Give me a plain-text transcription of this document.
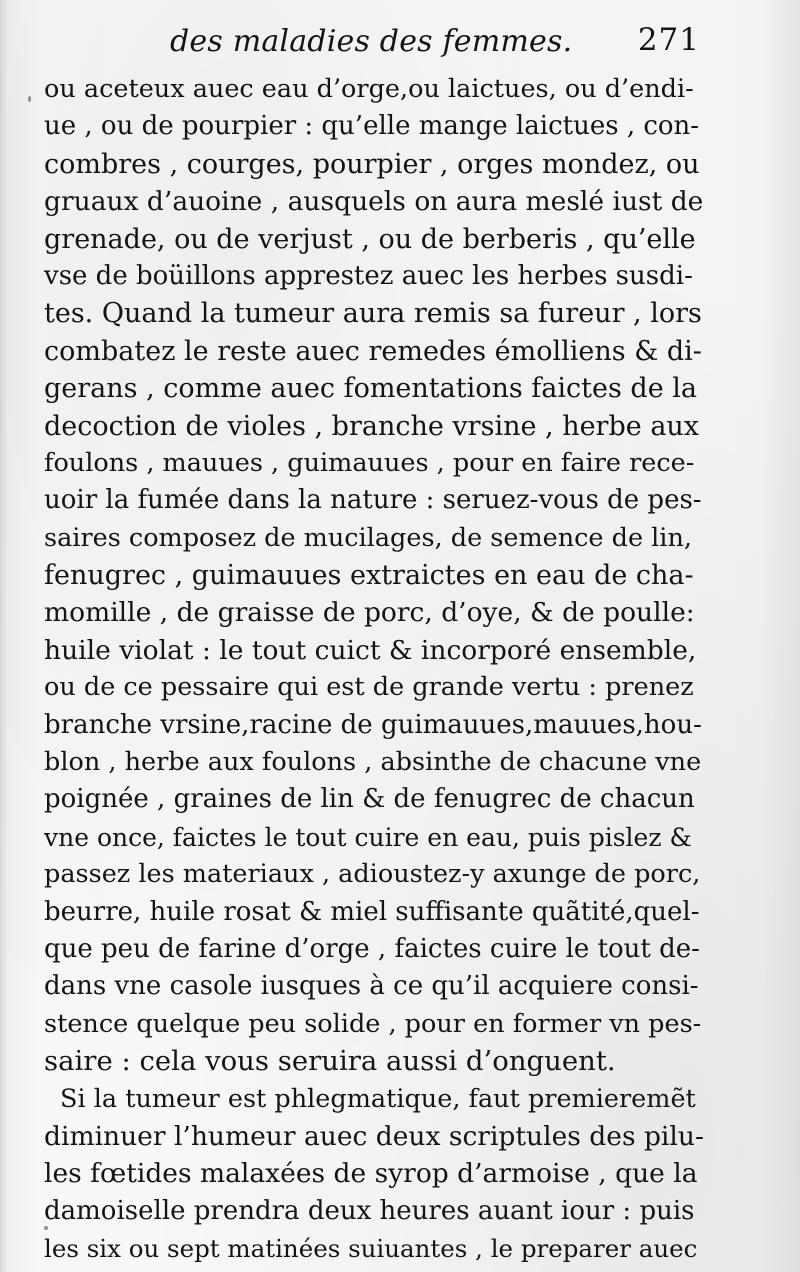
des maladies des femmes. 271
ou aceteux auec eau d’orge,ou laictues, ou d’endi-
ue , ou de pourpier : qu’elle mange laictues , con-
combres , courges, pourpier , orges mondez, ou
gruaux d’auoine , ausquels on aura meslé iust de
grenade, ou de verjust , ou de berberis , qu’elle
vse de boüillons apprestez auec les herbes susdi-
tes. Quand la tumeur aura remis sa fureur , lors
combatez le reste auec remedes émolliens & di-
gerans , comme auec fomentations faictes de la
decoction de violes , branche vrsine , herbe aux
foulons , mauues , guimauues , pour en faire rece-
uoir la fumée dans la nature : seruez-vous de pes-
saires composez de mucilages, de semence de lin,
fenugrec , guimauues extraictes en eau de cha-
momille , de graisse de porc, d’oye, & de poulle:
huile violat : le tout cuict & incorporé ensemble,
ou de ce pessaire qui est de grande vertu : prenez
branche vrsine,racine de guimauues,mauues,hou-
blon , herbe aux foulons , absinthe de chacune vne
poignée , graines de lin & de fenugrec de chacun
vne once, faictes le tout cuire en eau, puis pislez &
passez les materiaux , adioustez-y axunge de porc,
beurre, huile rosat & miel suffisante quãtité,quel-
que peu de farine d’orge , faictes cuire le tout de-
dans vne casole iusques à ce qu’il acquiere consi-
stence quelque peu solide , pour en former vn pes-
saire : cela vous seruira aussi d’onguent.
Si la tumeur est phlegmatique, faut premieremẽt
diminuer l’humeur auec deux scriptules des pilu-
les fœtides malaxées de syrop d’armoise , que la
damoiselle prendra deux heures auant iour : puis
les six ou sept matinées suiuantes , le preparer auec
